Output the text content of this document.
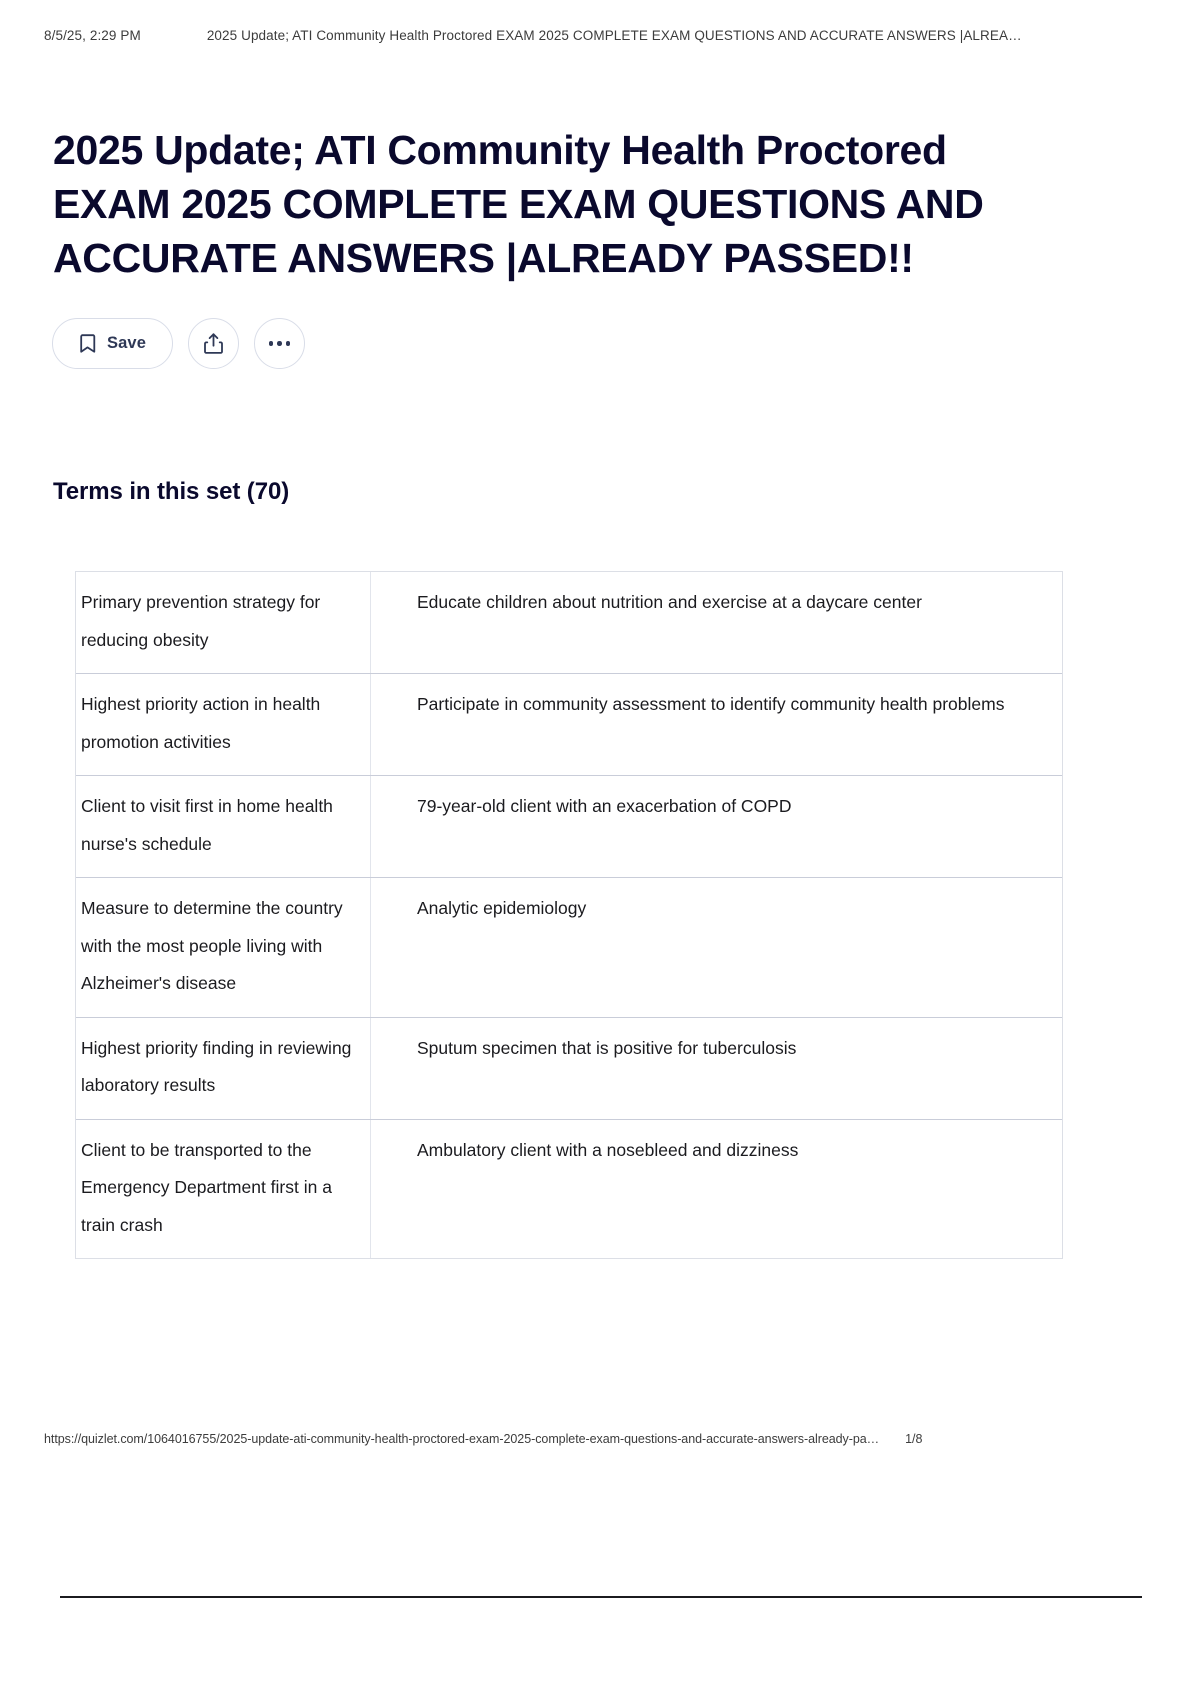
8/5/25, 2:29 PM	2025 Update; ATI Community Health Proctored EXAM 2025 COMPLETE EXAM QUESTIONS AND ACCURATE ANSWERS |ALREA…
2025 Update; ATI Community Health Proctored EXAM 2025 COMPLETE EXAM QUESTIONS AND ACCURATE ANSWERS |ALREADY PASSED!!
Save
Terms in this set (70)
Primary prevention strategy for reducing obesity
Educate children about nutrition and exercise at a daycare center
Highest priority action in health promotion activities
Participate in community assessment to identify community health problems
Client to visit first in home health nurse's schedule
79-year-old client with an exacerbation of COPD
Measure to determine the country with the most people living with Alzheimer's disease
Analytic epidemiology
Highest priority finding in reviewing laboratory results
Sputum specimen that is positive for tuberculosis
Client to be transported to the Emergency Department first in a train crash
Ambulatory client with a nosebleed and dizziness
https://quizlet.com/1064016755/2025-update-ati-community-health-proctored-exam-2025-complete-exam-questions-and-accurate-answers-already-pa… 1/8
